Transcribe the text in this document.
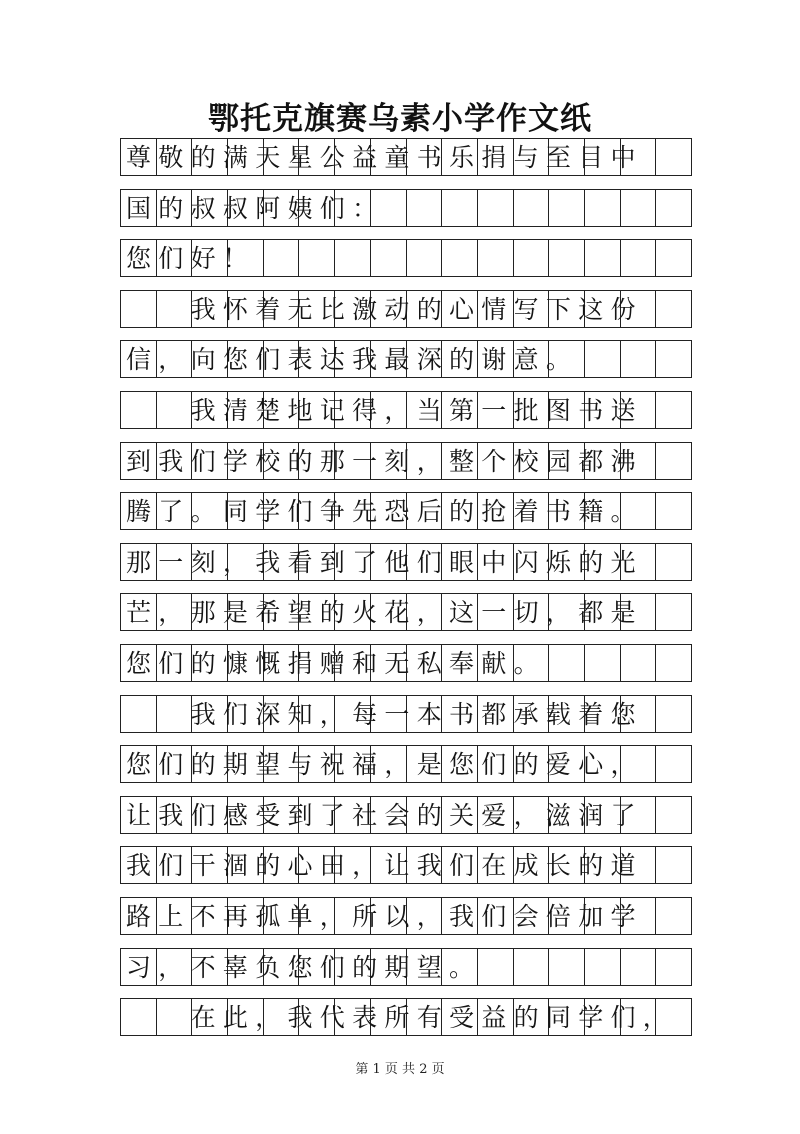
鄂托克旗赛乌素小学作文纸
尊敬的满天星公益童书乐捐与至目中
国的叔叔阿姨们：
您们好！
　　我怀着无比激动的心情写下这份
信，向您们表达我最深的谢意。
　　我清楚地记得，当第一批图书送
到我们学校的那一刻，整个校园都沸
腾了。同学们争先恐后的抢着书籍。
那一刻，我看到了他们眼中闪烁的光
芒，那是希望的火花，这一切，都是
您们的慷慨捐赠和无私奉献。
　　我们深知，每一本书都承载着您
您们的期望与祝福，是您们的爱心，
让我们感受到了社会的关爱，滋润了
我们干涸的心田，让我们在成长的道
路上不再孤单，所以，我们会倍加学
习，不辜负您们的期望。
　　在此，我代表所有受益的同学们，
第 1 页 共 2 页
